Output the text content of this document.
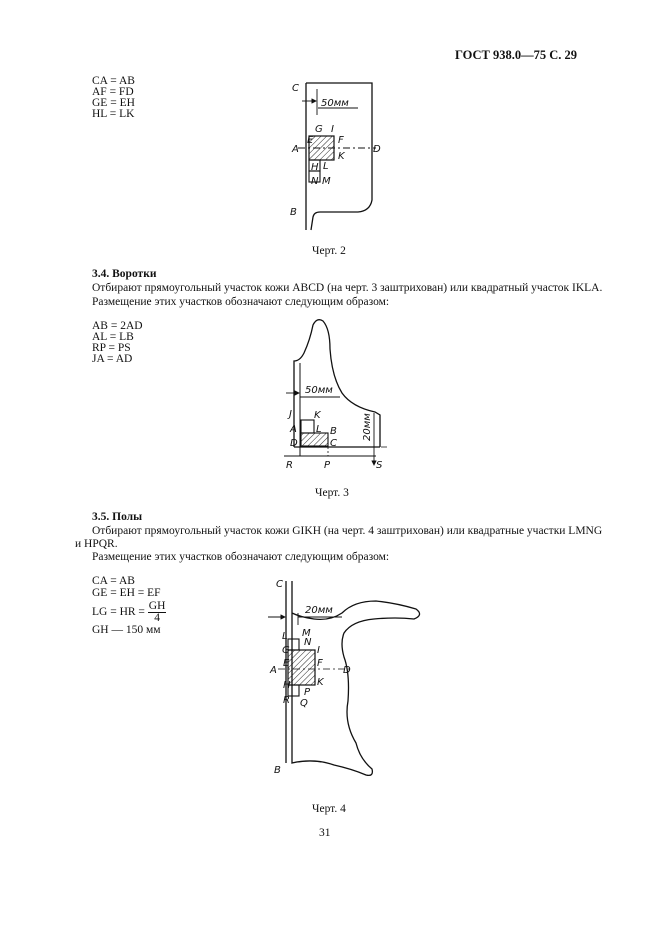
ГОСТ 938.0—75 С. 29
CA = AB
AF = FD
GE = EH
HL = LK
50мм
C
G I
E F
A
K
D
H L
N M
B
Черт. 2
3.4. Воротки
Отбирают прямоугольный участок кожи ABCD (на черт. 3 заштрихован) или квадратный участок IKLA.
Размещение этих участков обозначают следующим образом:
AB = 2AD
AL = LB
RP = PS
JA = AD
50мм
20мм
J K
A L B
D	C
R	P	S
Черт. 3
3.5. Полы
Отбирают прямоугольный участок кожи GIKH (на черт. 4 заштрихован) или квадратные участки LMNG
и HPQR.
Размещение этих участков обозначают следующим образом:
CA = AB
GE = EH = EF
LG = HR = $\frac{GH}{4}$
GH — 150 мм
20мм
C
L M
N
G	I
E	F
A	D
K
H
P
R Q
B
Черт. 4
31
